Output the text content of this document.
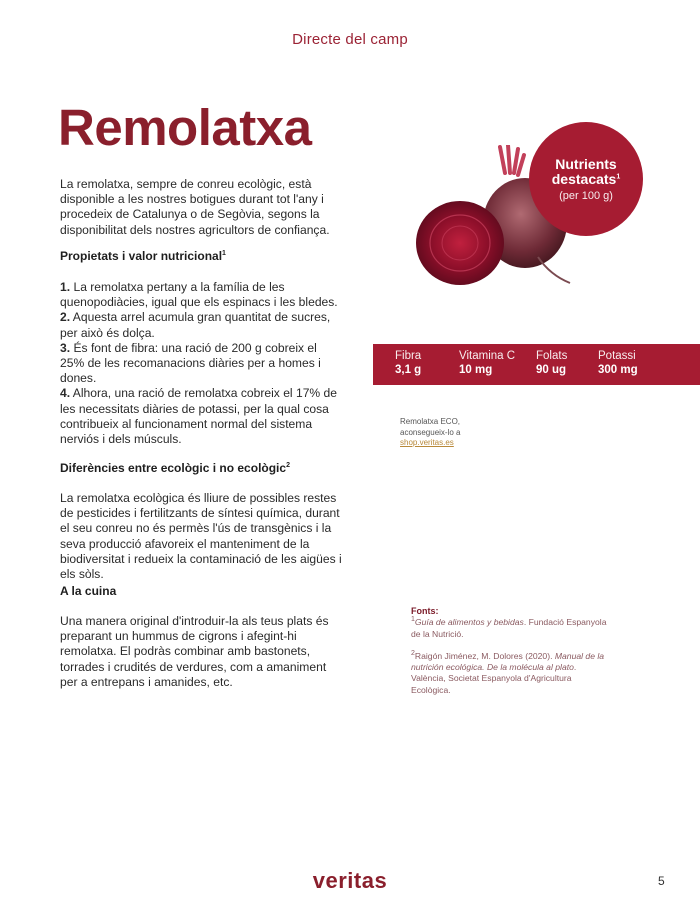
Directe del camp
Remolatxa

La remolatxa, sempre de conreu ecològic, està disponible a les nostres botigues durant tot l'any i procedeix de Catalunya o de Segòvia, segons la disponibilitat dels nostres agricultors de confiança.

Propietats i valor nutricional$^1$

1. La remolatxa pertany a la família de les quenopodiàcies, igual que els espinacs i les bledes.

2. Aquesta arrel acumula gran quantitat de sucres, per això és dolça.

3. És font de fibra: una ració de 200 g cobreix el 25% de les recomanacions diàries per a homes i dones.

4. Alhora, una ració de remolatxa cobreix el 17% de les necessitats diàries de potassi, per la qual cosa contribueix al funcionament normal del sistema nerviós i dels músculs.

Diferències entre ecològic i no ecològic$^2$

La remolatxa ecològica és lliure de possibles restes de pesticides i fertilitzants de síntesi química, durant el seu conreu no és permès l'ús de transgènics i la seva producció afavoreix el manteniment de la biodiversitat i redueix la contaminació de les aigües i els sòls.

A la cuina

Una manera original d'introduir-la als teus plats és preparant un hummus de cigrons i afegint-hi remolatxa. El podràs combinar amb bastonets, torrades i crudités de verdures, com a amaniment per a entrepans i amanides, etc.

Nutrients
destacats$^1$
(per 100 g)
Fibra
3,1 g
Vitamina C
10 mg
Folats
90 ug
Potassi
300 mg
Remolatxa ECO,
aconsegueix-lo a
shop.veritas.es

Fonts:

$^1$Guía de alimentos y bebidas. Fundació Espanyola de la Nutrició.

$^2$Raigón Jiménez, M. Dolores (2020). Manual de la nutrición ecológica. De la molécula al plato. València, Societat Espanyola d'Agricultura Ecològica.

veritas	5
